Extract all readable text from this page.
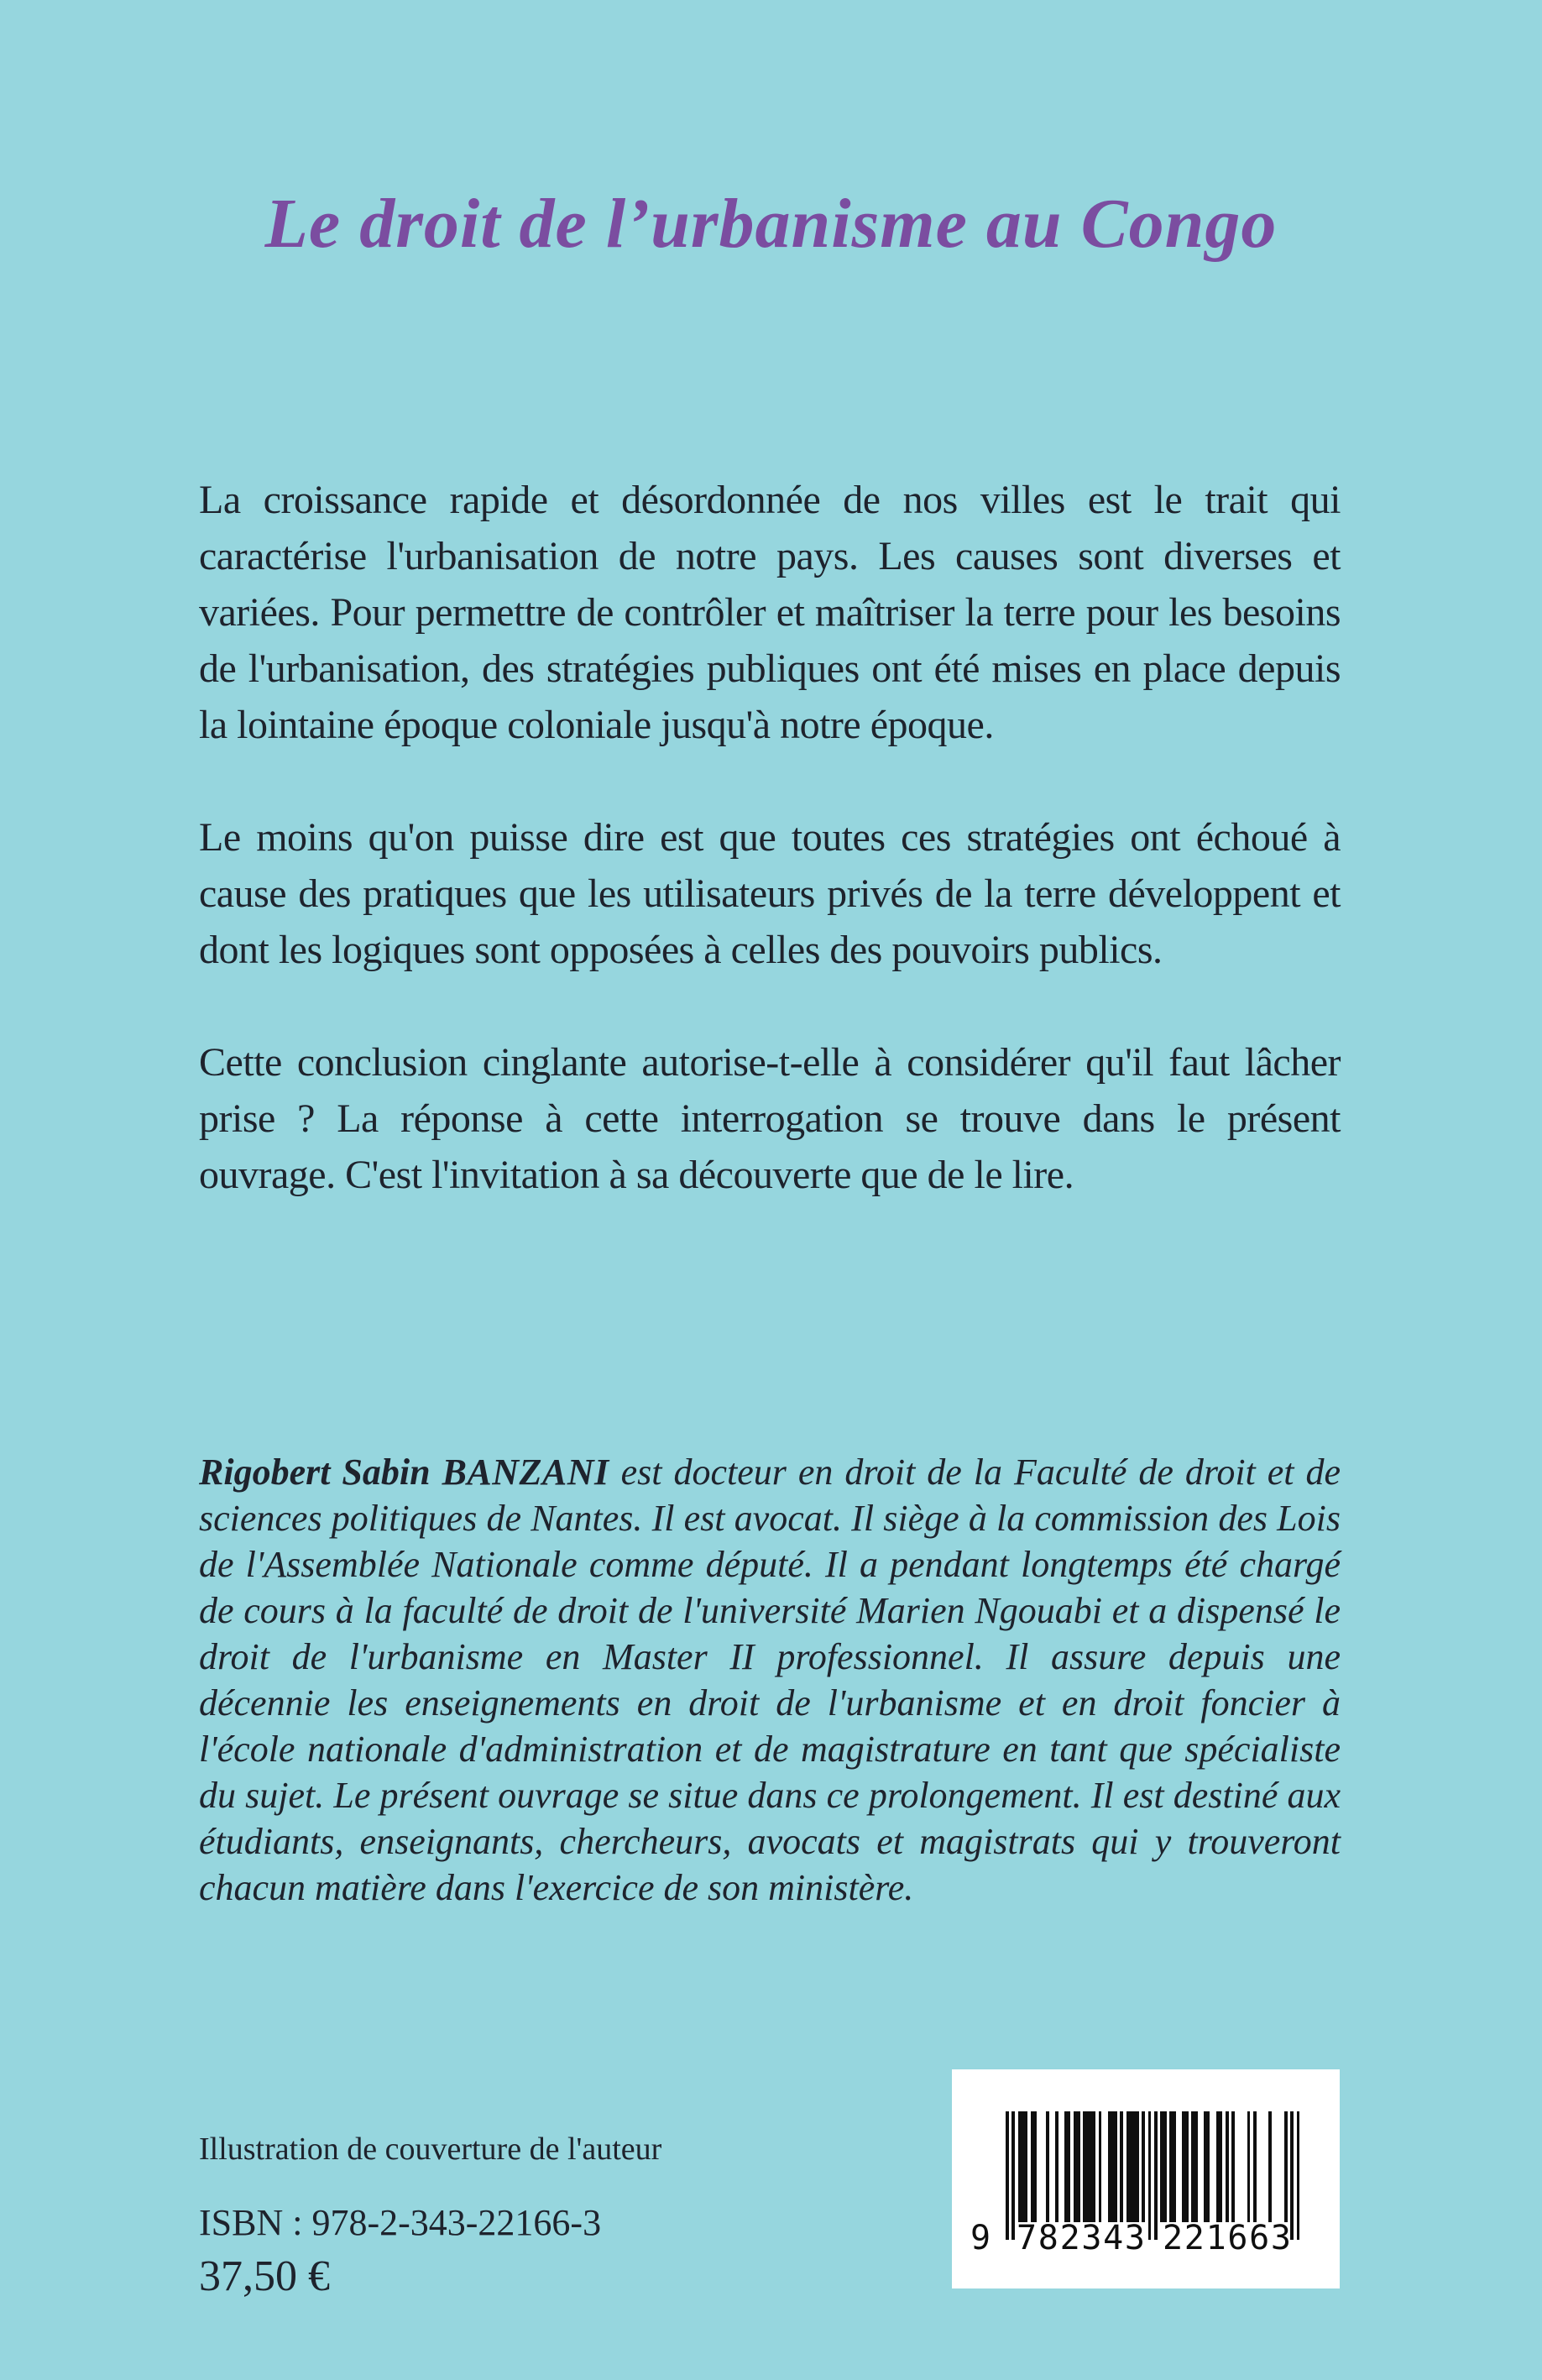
Le droit de l’urbanisme au Congo

La croissance rapide et désordonnée de nos villes est le trait qui caractérise l'urbanisation de notre pays. Les causes sont diverses et variées. Pour permettre de contrôler et maîtriser la terre pour les besoins de l'urbanisation, des stratégies publiques ont été mises en place depuis la lointaine époque coloniale jusqu'à notre époque.

Le moins qu'on puisse dire est que toutes ces stratégies ont échoué à cause des pratiques que les utilisateurs privés de la terre développent et dont les logiques sont opposées à celles des pouvoirs publics.

Cette conclusion cinglante autorise-t-elle à considérer qu'il faut lâcher prise ? La réponse à cette interrogation se trouve dans le présent ouvrage. C'est l'invitation à sa découverte que de le lire.

Rigobert Sabin BANZANI est docteur en droit de la Faculté de droit et de sciences politiques de Nantes. Il est avocat. Il siège à la commission des Lois de l'Assemblée Nationale comme député. Il a pendant longtemps été chargé de cours à la faculté de droit de l'université Marien Ngouabi et a dispensé le droit de l'urbanisme en Master II professionnel. Il assure depuis une décennie les enseignements en droit de l'urbanisme et en droit foncier à l'école nationale d'administration et de magistrature en tant que spécialiste du sujet. Le présent ouvrage se situe dans ce prolongement. Il est destiné aux étudiants, enseignants, chercheurs, avocats et magistrats qui y trouveront chacun matière dans l'exercice de son ministère.

Illustration de couverture de l'auteur

ISBN : 978-2-343-22166-3

37,50 €

9 7 8 2 3 4 3 2 2 1 6 6 3
